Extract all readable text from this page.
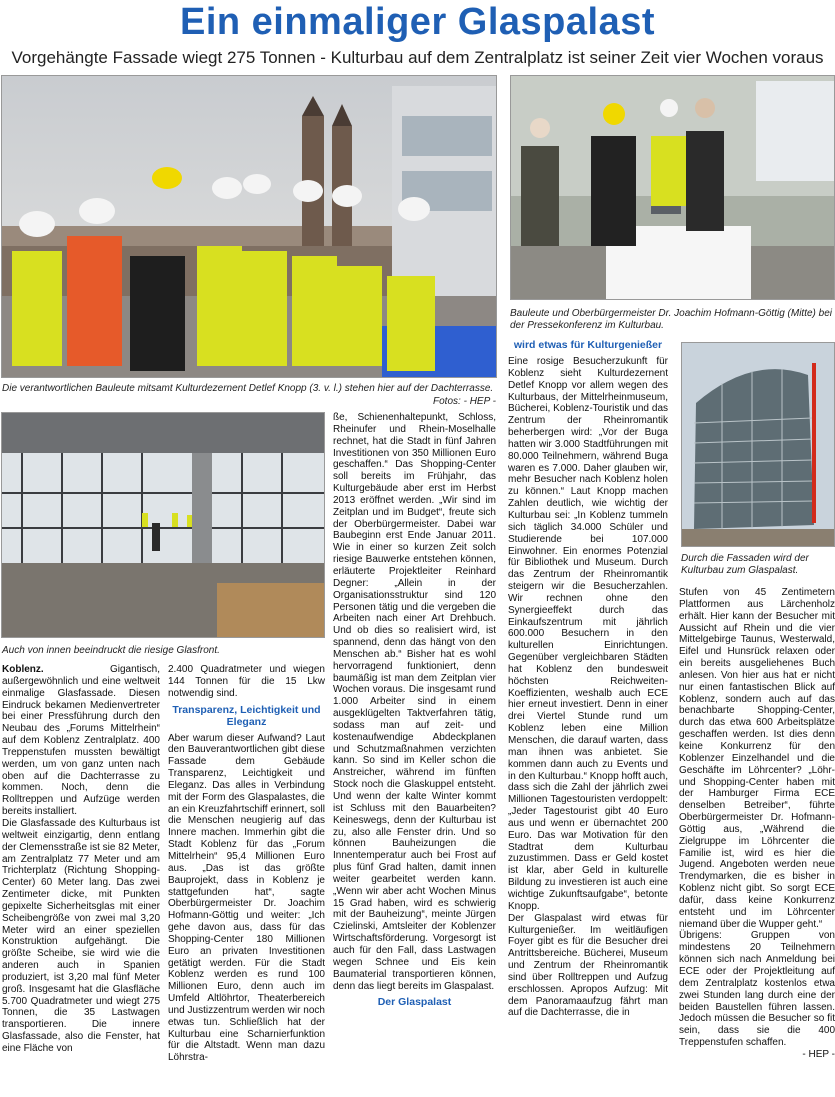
Ein einmaliger Glaspalast
Vorgehängte Fassade wiegt 275 Tonnen - Kulturbau auf dem Zentralplatz ist seiner Zeit vier Wochen voraus
Die verantwortlichen Bauleute mitsamt Kulturdezernent Detlef Knopp (3. v. l.) stehen hier auf der Dachterrasse.
Fotos: - HEP -
Bauleute und Oberbürgermeister Dr. Joachim Hofmann-Göttig (Mitte) bei der Pressekonferenz im Kulturbau.
Auch von innen beeindruckt die riesige Glasfront.
Durch die Fassaden wird der Kulturbau zum Glaspalast.

Koblenz.	Gigantisch, außergewöhnlich und eine weltweit einmalige Glasfassade. Diesen Eindruck bekamen Medienvertreter bei einer Pressführung durch den Neubau des „Forums Mittelrhein“ auf dem Koblenz Zentralplatz. 400 Treppenstufen mussten bewältigt werden, um von ganz unten nach oben auf die Dachterrasse zu kommen. Noch, denn die Rolltreppen und Aufzüge werden bereits installiert.

Die Glasfassade des Kulturbaus ist weltweit einzigartig, denn entlang der Clemensstraße ist sie 82 Meter, am Zentralplatz 77 Meter und am Trichterplatz (Richtung Shopping-Center) 60 Meter lang. Das zwei Zentimeter dicke, mit Punkten gepixelte Sicherheitsglas mit einer Scheibengröße von zwei mal 3,20 Meter wird an einer speziellen Konstruktion aufgehängt. Die größte Scheibe, sie wird wie die anderen auch in Spanien produziert, ist 3,20 mal fünf Meter groß. Insgesamt hat die Glasfläche 5.700 Quadratmeter und wiegt 275 Tonnen, die 35 Lastwagen transportieren. Die innere Glasfassade, also die Fenster, hat eine Fläche von

2.400 Quadratmeter und wiegen 144 Tonnen für die 15 Lkw notwendig sind.

Transparenz, Leichtigkeit und Eleganz

Aber warum dieser Aufwand? Laut den Bauverantwortlichen gibt diese Fassade dem Gebäude Transparenz, Leichtigkeit und Eleganz. Das alles in Verbindung mit der Form des Glaspalastes, die an ein Kreuzfahrtschiff erinnert, soll die Menschen neugierig auf das Innere machen. Immerhin gibt die Stadt Koblenz für das „Forum Mittelrhein“ 95,4 Millionen Euro aus. „Das ist das größte Bauprojekt, dass in Koblenz je stattgefunden hat“, sagte Oberbürgermeister Dr. Joachim Hofmann-Göttig und weiter: „Ich gehe davon aus, dass für das Shopping-Center 180 Millionen Euro an privaten Investitionen getätigt werden. Für die Stadt Koblenz werden es rund 100 Millionen Euro, denn auch im Umfeld Altlöhrtor, Theaterbereich und Justizzentrum werden wir noch etwas tun. Schließlich hat der Kulturbau eine Scharnierfunktion für die Altstadt. Wenn man dazu Löhrstra-

ße, Schienenhaltepunkt, Schloss, Rheinufer und Rhein-Moselhalle rechnet, hat die Stadt in fünf Jahren Investitionen von 350 Millionen Euro geschaffen.“ Das Shopping-Center soll bereits im Frühjahr, das Kulturgebäude aber erst im Herbst 2013 eröffnet werden. „Wir sind im Zeitplan und im Budget“, freute sich der Oberbürgermeister. Dabei war Baubeginn erst Ende Januar 2011. Wie in einer so kurzen Zeit solch riesige Bauwerke entstehen können, erläuterte Projektleiter Reinhard Degner: „Allein in der Organisationsstruktur sind 120 Personen tätig und die vergeben die Arbeiten nach einer Art Drehbuch. Und ob dies so realisiert wird, ist spannend, denn das hängt von den Menschen ab.“ Bisher hat es wohl hervorragend funktioniert, denn baumäßig ist man dem Zeitplan vier Wochen voraus. Die insgesamt rund 1.000 Arbeiter sind in einem ausgeklügelten Taktverfahren tätig, sodass man auf zeit- und kostenaufwendige Abdeckplanen und Schutzmaßnahmen verzichten kann. So sind im Keller schon die Anstreicher, während im fünften Stock noch die Glaskuppel entsteht. Und wenn der kalte Winter kommt ist Schluss mit den Bauarbeiten? Keineswegs, denn der Kulturbau ist zu, also alle Fenster drin. Und so können Bauheizungen die Innentemperatur auch bei Frost auf plus fünf Grad halten, damit innen weiter gearbeitet werden kann. „Wenn wir aber acht Wochen Minus 15 Grad haben, wird es schwierig mit der Bauheizung“, meinte Jürgen Czielinski, Amtsleiter der Koblenzer Wirtschaftsförderung. Vorgesorgt ist auch für den Fall, dass Lastwagen wegen Schnee und Eis kein Baumaterial transportieren können, denn das liegt bereits im Glaspalast.

Der Glaspalast
wird etwas für Kulturgenießer

Eine rosige Besucherzukunft für Koblenz sieht Kulturdezernent Detlef Knopp vor allem wegen des Kulturbaus, der Mittelrheinmuseum, Bücherei, Koblenz-Touristik und das Zentrum der Rheinromantik beherbergen wird: „Vor der Buga hatten wir 3.000 Stadtführungen mit 80.000 Teilnehmern, während Buga waren es 7.000. Daher glauben wir, mehr Besucher nach Koblenz holen zu können.“ Laut Knopp machen Zahlen deutlich, wie wichtig der Kulturbau sei: „In Koblenz tummeln sich täglich 34.000 Schüler und Studierende bei 107.000 Einwohner. Ein enormes Potenzial für Bibliothek und Museum. Durch das Zentrum der Rheinromantik steigern wir die Besucherzahlen. Wir rechnen ohne den Synergieeffekt durch das Einkaufszentrum mit jährlich 600.000 Besuchern in den kulturellen Einrichtungen. Gegenüber vergleichbaren Städten hat Koblenz den bundesweit höchsten Reichweiten-Koeffizienten, weshalb auch ECE hier erneut investiert. Denn in einer drei Viertel Stunde rund um Koblenz leben eine Million Menschen, die darauf warten, dass man ihnen was anbietet. Sie kommen dann auch zu Events und in den Kulturbau.“ Knopp hofft auch, dass sich die Zahl der jährlich zwei Millionen Tagestouristen verdoppelt: „Jeder Tagestourist gibt 40 Euro aus und wenn er übernachtet 200 Euro. Das war Motivation für den Stadtrat dem Kulturbau zuzustimmen. Dass er Geld kostet ist klar, aber Geld in kulturelle Bildung zu investieren ist auch eine wichtige Zukunftsaufgabe“, betonte Knopp.

Der Glaspalast wird etwas für Kulturgenießer. Im weitläufigen Foyer gibt es für die Besucher drei Antrittsbereiche. Bücherei, Museum und Zentrum der Rheinromantik sind über Rolltreppen und Aufzug erschlossen. Apropos Aufzug: Mit dem Panoramaaufzug fährt man auf die Dachterrasse, die in

Stufen von 45 Zentimetern Plattformen aus Lärchenholz erhält. Hier kann der Besucher mit Aussicht auf Rhein und die vier Mittelgebirge Taunus, Westerwald, Eifel und Hunsrück relaxen oder ein bereits ausgeliehenes Buch anlesen. Von hier aus hat er nicht nur einen fantastischen Blick auf Koblenz, sondern auch auf das benachbarte Shopping-Center, durch das etwa 600 Arbeitsplätze geschaffen werden. Ist dies denn keine Konkurrenz für den Koblenzer Einzelhandel und die Geschäfte im Löhrcenter? „Löhr- und Shopping-Center haben mit der Hamburger Firma ECE denselben Betreiber“, führte Oberbürgermeister Dr. Hofmann-Göttig aus, „Während die Zielgruppe im Löhrcenter die Familie ist, wird es hier die Jugend. Angeboten werden neue Trendymarken, die es bisher in Koblenz nicht gibt. So sorgt ECE dafür, dass keine Konkurrenz entsteht und im Löhrcenter niemand über die Wupper geht.“

Übrigens: Gruppen von mindestens 20 Teilnehmern können sich nach Anmeldung bei ECE oder der Projektleitung auf dem Zentralplatz kostenlos etwa zwei Stunden lang durch eine der beiden Baustellen führen lassen. Jedoch müssen die Besucher so fit sein, dass sie die 400 Treppenstufen schaffen.

- HEP -
